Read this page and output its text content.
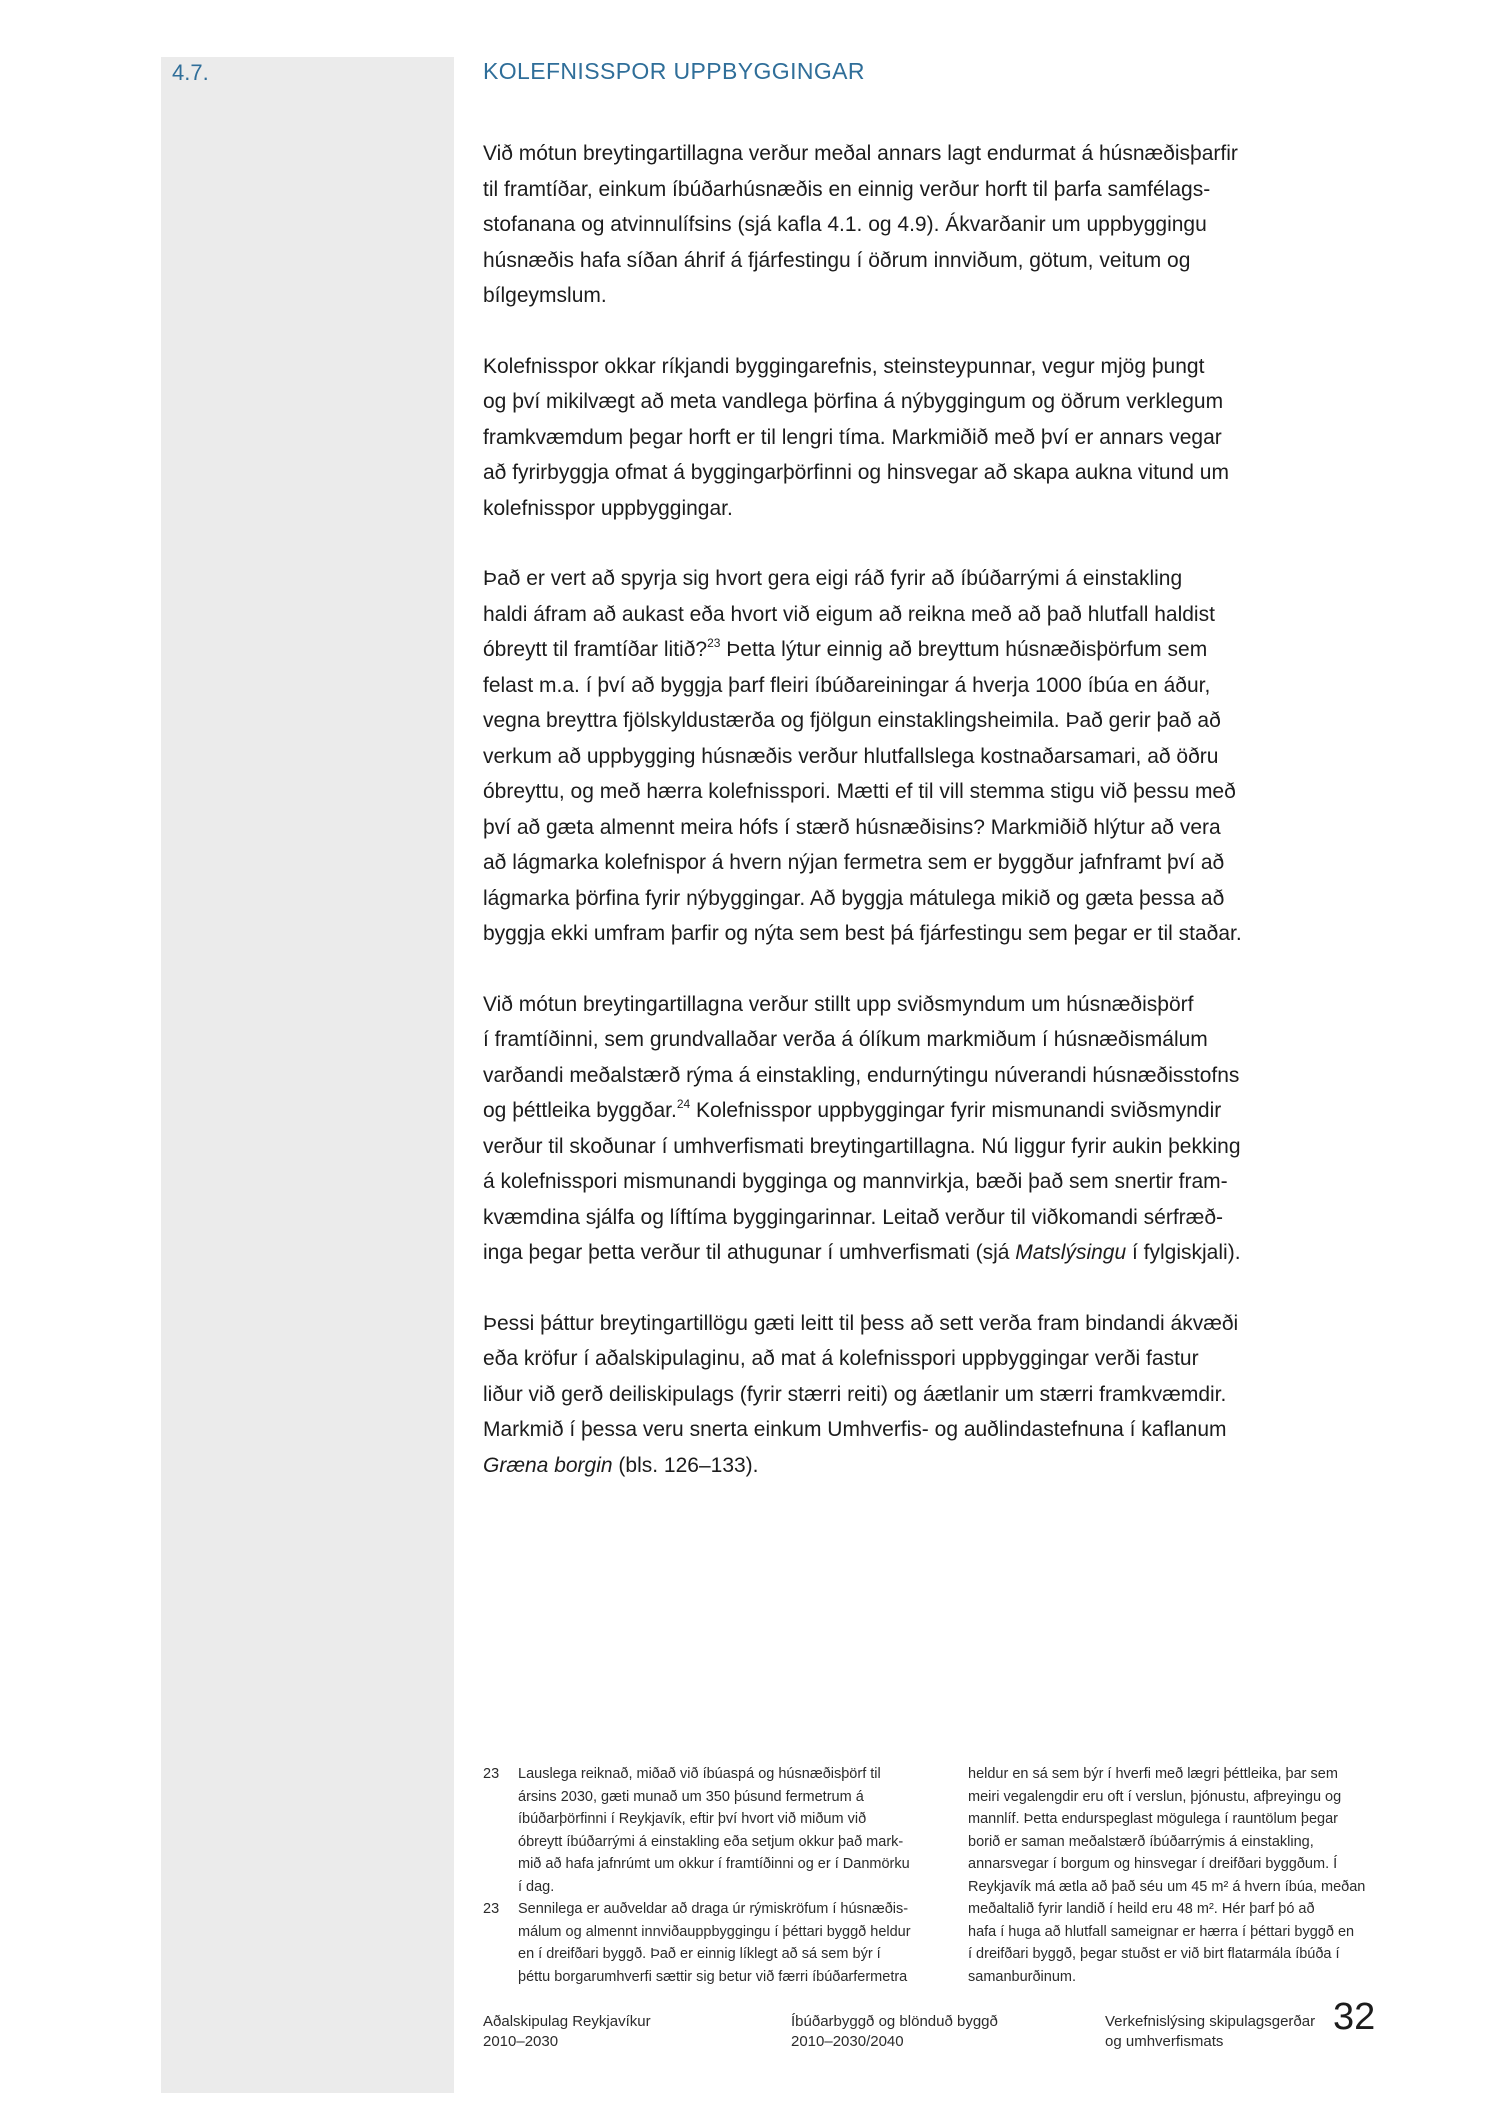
4.7.	KOLEFNISSPOR UPPBYGGINGAR
Við mótun breytingartillagna verður meðal annars lagt endurmat á húsnæðisþarfir
til framtíðar, einkum íbúðarhúsnæðis en einnig verður horft til þarfa samfélags-
stofanana og atvinnulífsins (sjá kafla 4.1. og 4.9). Ákvarðanir um uppbyggingu
húsnæðis hafa síðan áhrif á fjárfestingu í öðrum innviðum, götum, veitum og
bílgeymslum.
Kolefnisspor okkar ríkjandi byggingarefnis, steinsteypunnar, vegur mjög þungt
og því mikilvægt að meta vandlega þörfina á nýbyggingum og öðrum verklegum
framkvæmdum þegar horft er til lengri tíma. Markmiðið með því er annars vegar
að fyrirbyggja ofmat á byggingarþörfinni og hinsvegar að skapa aukna vitund um
kolefnisspor uppbyggingar.
Það er vert að spyrja sig hvort gera eigi ráð fyrir að íbúðarrými á einstakling
haldi áfram að aukast eða hvort við eigum að reikna með að það hlutfall haldist
óbreytt til framtíðar litið?$^{23}$ Þetta lýtur einnig að breyttum húsnæðisþörfum sem
felast m.a. í því að byggja þarf fleiri íbúðareiningar á hverja 1000 íbúa en áður,
vegna breyttra fjölskyldustærða og fjölgun einstaklingsheimila. Það gerir það að
verkum að uppbygging húsnæðis verður hlutfallslega kostnaðarsamari, að öðru
óbreyttu, og með hærra kolefnisspori. Mætti ef til vill stemma stigu við þessu með
því að gæta almennt meira hófs í stærð húsnæðisins? Markmiðið hlýtur að vera
að lágmarka kolefnispor á hvern nýjan fermetra sem er byggður jafnframt því að
lágmarka þörfina fyrir nýbyggingar. Að byggja mátulega mikið og gæta þessa að
byggja ekki umfram þarfir og nýta sem best þá fjárfestingu sem þegar er til staðar.
Við mótun breytingartillagna verður stillt upp sviðsmyndum um húsnæðisþörf
í framtíðinni, sem grundvallaðar verða á ólíkum markmiðum í húsnæðismálum
varðandi meðalstærð rýma á einstakling, endurnýtingu núverandi húsnæðisstofns
og þéttleika byggðar.$^{24}$ Kolefnisspor uppbyggingar fyrir mismunandi sviðsmyndir
verður til skoðunar í umhverfismati breytingartillagna. Nú liggur fyrir aukin þekking
á kolefnisspori mismunandi bygginga og mannvirkja, bæði það sem snertir fram-
kvæmdina sjálfa og líftíma byggingarinnar. Leitað verður til viðkomandi sérfræð-
inga þegar þetta verður til athugunar í umhverfismati (sjá Matslýsingu í fylgiskjali).
Þessi þáttur breytingartillögu gæti leitt til þess að sett verða fram bindandi ákvæði
eða kröfur í aðalskipulaginu, að mat á kolefnisspori uppbyggingar verði fastur
liður við gerð deiliskipulags (fyrir stærri reiti) og áætlanir um stærri framkvæmdir.
Markmið í þessa veru snerta einkum Umhverfis- og auðlindastefnuna í kaflanum
Græna borgin (bls. 126–133).
23	Lauslega reiknað, miðað við íbúaspá og húsnæðisþörf til
ársins 2030, gæti munað um 350 þúsund fermetrum á
íbúðarþörfinni í Reykjavík, eftir því hvort við miðum við
óbreytt íbúðarrými á einstakling eða setjum okkur það mark-
mið að hafa jafnrúmt um okkur í framtíðinni og er í Danmörku
í dag.
23	Sennilega er auðveldar að draga úr rýmiskröfum í húsnæðis-
málum og almennt innviðauppbyggingu í þéttari byggð heldur
en í dreifðari byggð. Það er einnig líklegt að sá sem býr í
þéttu borgarumhverfi sættir sig betur við færri íbúðarfermetra
heldur en sá sem býr í hverfi með lægri þéttleika, þar sem
meiri vegalengdir eru oft í verslun, þjónustu, afþreyingu og
mannlíf. Þetta endurspeglast mögulega í rauntölum þegar
borið er saman meðalstærð íbúðarrýmis á einstakling,
annarsvegar í borgum og hinsvegar í dreifðari byggðum. Í
Reykjavík má ætla að það séu um 45 m² á hvern íbúa, meðan
meðaltalið fyrir landið í heild eru 48 m². Hér þarf þó að
hafa í huga að hlutfall sameignar er hærra í þéttari byggð en
í dreifðari byggð, þegar stuðst er við birt flatarmála íbúða í
samanburðinum.
Aðalskipulag Reykjavíkur
2010–2030
Íbúðarbyggð og blönduð byggð
2010–2030/2040
Verkefnislýsing skipulagsgerðar
og umhverfismats
32
